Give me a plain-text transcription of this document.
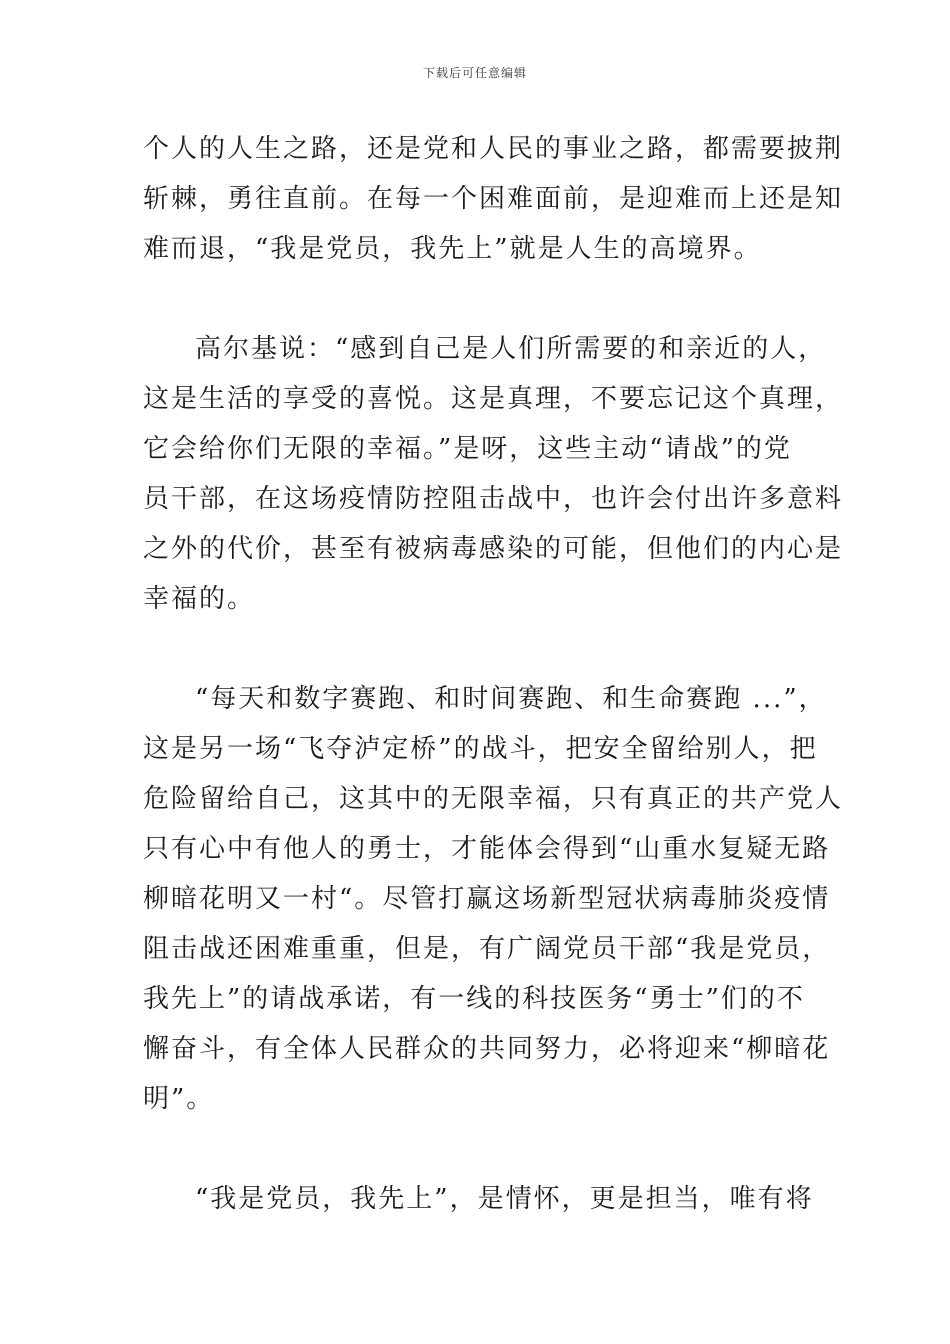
下载后可任意编辑

个人的人生之路，还是党和人民的事业之路，都需要披荆
斩棘，勇往直前。在每一个困难面前，是迎难而上还是知
难而退，“我是党员，我先上”就是人生的高境界。

高尔基说：“感到自己是人们所需要的和亲近的人，
这是生活的享受的喜悦。这是真理，不要忘记这个真理，
它会给你们无限的幸福。”是呀，这些主动“请战”的党
员干部，在这场疫情防控阻击战中，也许会付出许多意料
之外的代价，甚至有被病毒感染的可能，但他们的内心是
幸福的。

“每天和数字赛跑、和时间赛跑、和生命赛跑 ...”，
这是另一场“飞夺泸定桥”的战斗，把安全留给别人，把
危险留给自己，这其中的无限幸福，只有真正的共产党人
只有心中有他人的勇士，才能体会得到“山重水复疑无路
柳暗花明又一村“。尽管打赢这场新型冠状病毒肺炎疫情
阻击战还困难重重，但是，有广阔党员干部“我是党员，
我先上”的请战承诺，有一线的科技医务“勇士”们的不
懈奋斗，有全体人民群众的共同努力，必将迎来“柳暗花
明”。

“我是党员，我先上”，是情怀，更是担当，唯有将
